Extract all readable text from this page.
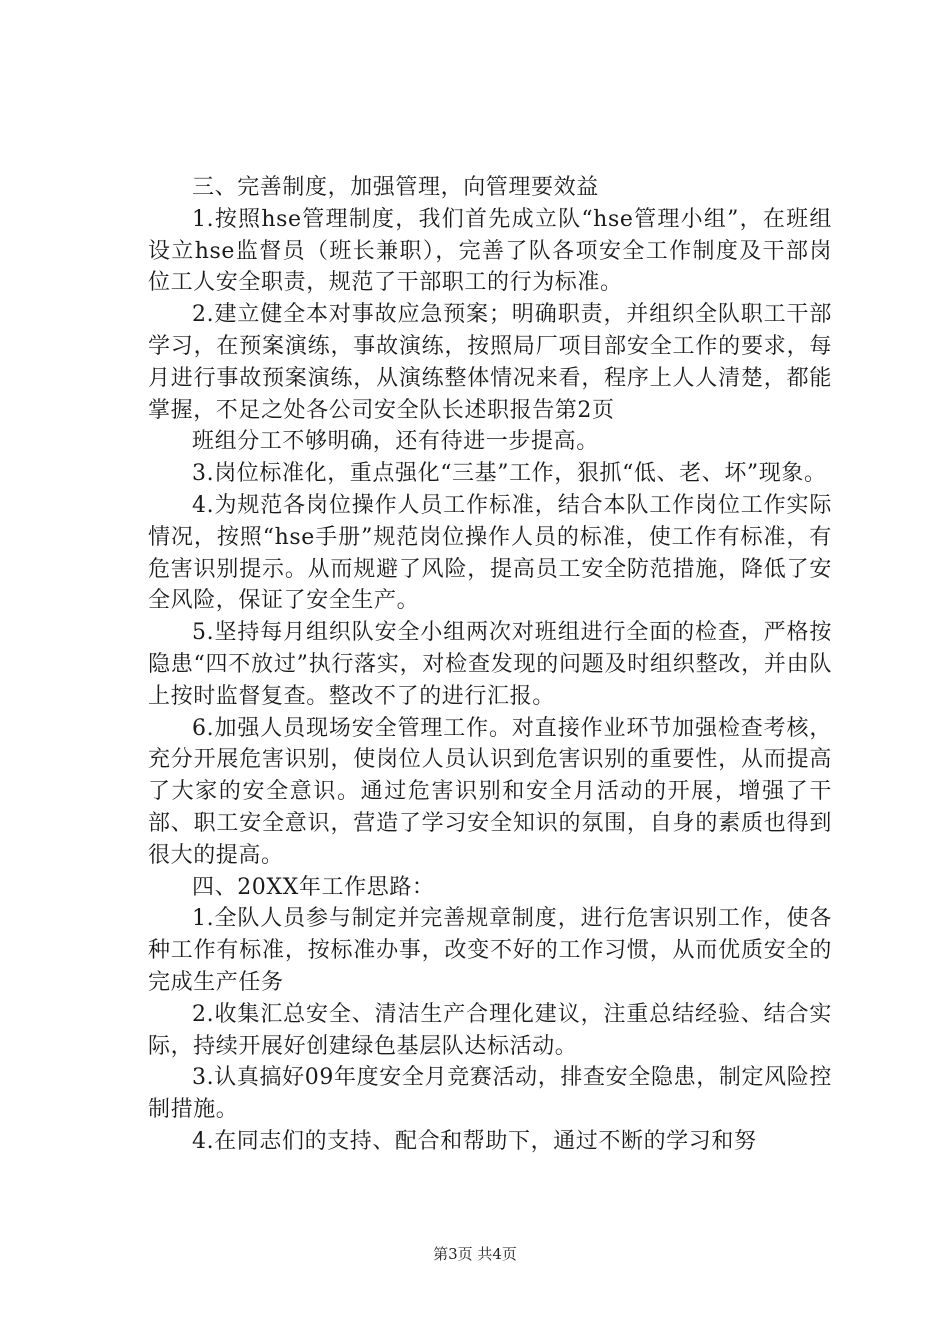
三、完善制度，加强管理，向管理要效益

1.按照hse管理制度，我们首先成立队“hse管理小组”，在班组设立hse监督员（班长兼职），完善了队各项安全工作制度及干部岗位工人安全职责，规范了干部职工的行为标准。

2.建立健全本对事故应急预案；明确职责，并组织全队职工干部学习，在预案演练，事故演练，按照局厂项目部安全工作的要求，每月进行事故预案演练，从演练整体情况来看，程序上人人清楚，都能掌握，不足之处各公司安全队长述职报告第2页

班组分工不够明确，还有待进一步提高。

3.岗位标准化，重点强化“三基”工作，狠抓“低、老、坏”现象。

4.为规范各岗位操作人员工作标准，结合本队工作岗位工作实际情况，按照“hse手册”规范岗位操作人员的标准，使工作有标准，有危害识别提示。从而规避了风险，提高员工安全防范措施，降低了安全风险，保证了安全生产。

5.坚持每月组织队安全小组两次对班组进行全面的检查，严格按隐患“四不放过”执行落实，对检查发现的问题及时组织整改，并由队上按时监督复查。整改不了的进行汇报。

6.加强人员现场安全管理工作。对直接作业环节加强检查考核，充分开展危害识别，使岗位人员认识到危害识别的重要性，从而提高了大家的安全意识。通过危害识别和安全月活动的开展，增强了干部、职工安全意识，营造了学习安全知识的氛围，自身的素质也得到很大的提高。

四、20XX年工作思路：

1.全队人员参与制定并完善规章制度，进行危害识别工作，使各种工作有标准，按标准办事，改变不好的工作习惯，从而优质安全的完成生产任务

2.收集汇总安全、清洁生产合理化建议，注重总结经验、结合实际，持续开展好创建绿色基层队达标活动。

3.认真搞好09年度安全月竞赛活动，排查安全隐患，制定风险控制措施。

4.在同志们的支持、配合和帮助下，通过不断的学习和努

第3页 共4页
